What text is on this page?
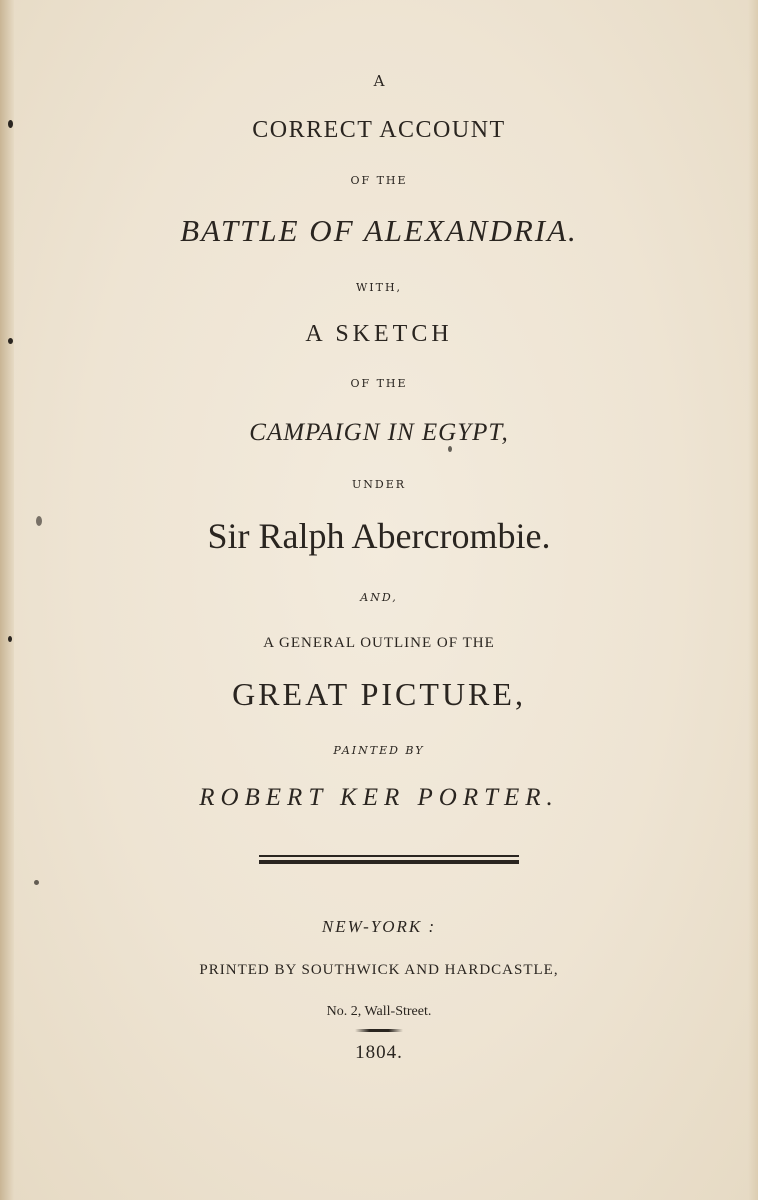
A
CORRECT ACCOUNT
OF THE
BATTLE OF ALEXANDRIA.
WITH,
A SKETCH
OF THE
CAMPAIGN IN EGYPT,
UNDER
Sir Ralph Abercrombie.
AND,
A GENERAL OUTLINE OF THE
GREAT PICTURE,
PAINTED BY
ROBERT KER PORTER.
NEW-YORK :
PRINTED BY SOUTHWICK AND HARDCASTLE,
No. 2, Wall-Street.
1804.
